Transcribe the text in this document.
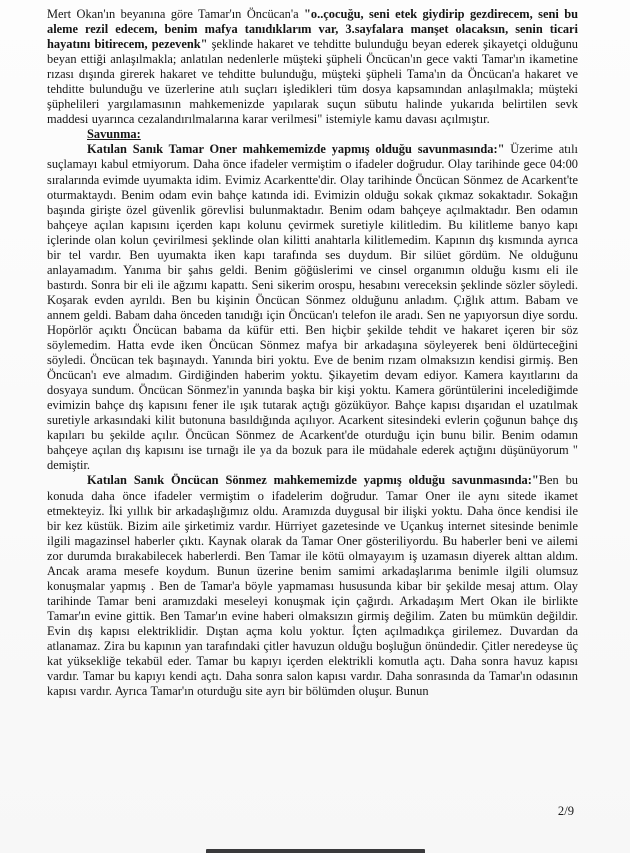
Mert Okan'ın beyanına göre Tamar'ın Öncücan'a "o..çocuğu, seni etek giydirip gezdirecem, seni bu aleme rezil edecem, benim mafya tanıdıklarım var, 3.sayfalara manşet olacaksın, senin ticari hayatını bitirecem, pezevenk" şeklinde hakaret ve tehditte bulunduğu beyan ederek şikayetçi olduğunu beyan ettiği anlaşılmakla; anlatılan nedenlerle müşteki şüpheli Öncücan'ın gece vakti Tamar'ın ikametine rızası dışında girerek hakaret ve tehditte bulunduğu, müşteki şüpheli Tama'ın da Öncücan'a hakaret ve tehditte bulunduğu ve üzerlerine atılı suçları işledikleri tüm dosya kapsamından anlaşılmakla; müşteki şüphelileri yargılamasının mahkemenizde yapılarak suçun sübutu halinde yukarıda belirtilen sevk maddesi uyarınca cezalandırılmalarına karar verilmesi" istemiyle kamu davası açılmıştır.

Savunma:

Katılan Sanık Tamar Oner mahkememizde yapmış olduğu savunmasında:" Üzerime atılı suçlamayı kabul etmiyorum. Daha önce ifadeler vermiştim o ifadeler doğrudur. Olay tarihinde gece 04:00 sıralarında evimde uyumakta idim. Evimiz Acarkentte'dir. Olay tarihinde Öncücan Sönmez de Acarkent'te oturmaktaydı. Benim odam evin bahçe katında idi. Evimizin olduğu sokak çıkmaz sokaktadır. Sokağın başında girişte özel güvenlik görevlisi bulunmaktadır. Benim odam bahçeye açılmaktadır. Ben odamın bahçeye açılan kapısını içerden kapı kolunu çevirmek suretiyle kilitledim. Bu kilitleme banyo kapı içlerinde olan kolun çevirilmesi şeklinde olan kilitti anahtarla kilitlemedim. Kapının dış kısmında ayrıca bir tel vardır. Ben uyumakta iken kapı tarafında ses duydum. Bir silüet gördüm. Ne olduğunu anlayamadım. Yanıma bir şahıs geldi. Benim göğüslerimi ve cinsel organımın olduğu kısmı eli ile bastırdı. Sonra bir eli ile ağzımı kapattı. Seni sikerim orospu, hesabını vereceksin şeklinde sözler söyledi. Koşarak evden ayrıldı. Ben bu kişinin Öncücan Sönmez olduğunu anladım. Çığlık attım. Babam ve annem geldi. Babam daha önceden tanıdığı için Öncücan'ı telefon ile aradı. Sen ne yapıyorsun diye sordu. Hopörlör açıktı Öncücan babama da küfür etti. Ben hiçbir şekilde tehdit ve hakaret içeren bir söz söylemedim. Hatta evde iken Öncücan Sönmez mafya bir arkadaşına söyleyerek beni öldürteceğini söyledi. Öncücan tek başınaydı. Yanında biri yoktu. Eve de benim rızam olmaksızın kendisi girmiş. Ben Öncücan'ı eve almadım. Girdiğinden haberim yoktu. Şikayetim devam ediyor. Kamera kayıtlarını da dosyaya sundum. Öncücan Sönmez'in yanında başka bir kişi yoktu. Kamera görüntülerini incelediğimde evimizin bahçe dış kapısını fener ile ışık tutarak açtığı gözüküyor. Bahçe kapısı dışarıdan el uzatılmak suretiyle arkasındaki kilit butonuna basıldığında açılıyor. Acarkent sitesindeki evlerin çoğunun bahçe dış kapıları bu şekilde açılır. Öncücan Sönmez de Acarkent'de oturduğu için bunu bilir. Benim odamın bahçeye açılan dış kapısını ise tırnağı ile ya da bozuk para ile müdahale ederek açtığını düşünüyorum " demiştir.

Katılan Sanık Öncücan Sönmez mahkememizde yapmış olduğu savunmasında:"Ben bu konuda daha önce ifadeler vermiştim o ifadelerim doğrudur. Tamar Oner ile aynı sitede ikamet etmekteyiz. İki yıllık bir arkadaşlığımız oldu. Aramızda duygusal bir ilişki yoktu. Daha önce kendisi ile bir kez küstük. Bizim aile şirketimiz vardır. Hürriyet gazetesinde ve Uçankuş internet sitesinde benimle ilgili magazinsel haberler çıktı. Kaynak olarak da Tamar Oner gösteriliyordu. Bu haberler beni ve ailemi zor durumda bırakabilecek haberlerdi. Ben Tamar ile kötü olmayayım iş uzamasın diyerek alttan aldım. Ancak arama mesefe koydum. Bunun üzerine benim samimi arkadaşlarıma benimle ilgili olumsuz konuşmalar yapmış . Ben de Tamar'a böyle yapmaması hususunda kibar bir şekilde mesaj attım. Olay tarihinde Tamar beni aramızdaki meseleyi konuşmak için çağırdı. Arkadaşım Mert Okan ile birlikte Tamar'ın evine gittik. Ben Tamar'ın evine haberi olmaksızın girmiş değilim. Zaten bu mümkün değildir. Evin dış kapısı elektriklidir. Dıştan açma kolu yoktur. İçten açılmadıkça girilemez. Duvardan da atlanamaz. Zira bu kapının yan tarafındaki çitler havuzun olduğu boşluğun önündedir. Çitler neredeyse üç kat yüksekliğe tekabül eder. Tamar bu kapıyı içerden elektrikli komutla açtı. Daha sonra havuz kapısı vardır. Tamar bu kapıyı kendi açtı. Daha sonra salon kapısı vardır. Daha sonrasında da Tamar'ın odasının kapısı vardır. Ayrıca Tamar'ın oturduğu site ayrı bir bölümden oluşur. Bunun

2/9
